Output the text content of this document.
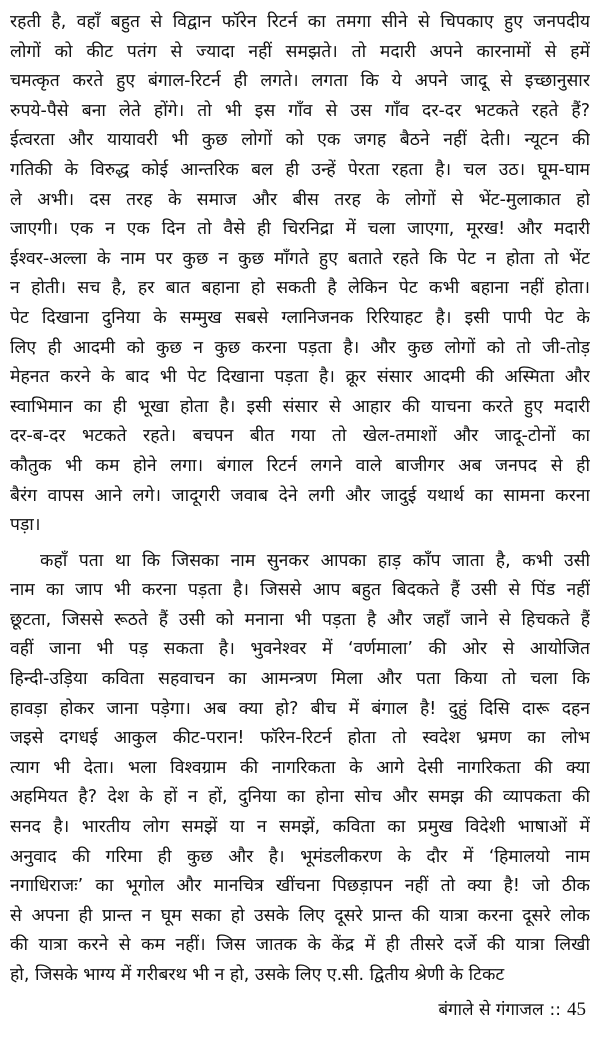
रहती है, वहाँ बहुत से विद्वान फॉरेन रिटर्न का तमगा सीने से चिपकाए हुए जनपदीय
लोगों को कीट पतंग से ज्यादा नहीं समझते। तो मदारी अपने कारनामों से हमें
चमत्कृत करते हुए बंगाल-रिटर्न ही लगते। लगता कि ये अपने जादू से इच्छानुसार
रुपये-पैसे बना लेते होंगे। तो भी इस गाँव से उस गाँव दर-दर भटकते रहते हैं?
ईत्वरता और यायावरी भी कुछ लोगों को एक जगह बैठने नहीं देती। न्यूटन की
गतिकी के विरुद्ध कोई आन्तरिक बल ही उन्हें पेरता रहता है। चल उठ। घूम-घाम
ले अभी। दस तरह के समाज और बीस तरह के लोगों से भेंट-मुलाकात हो
जाएगी। एक न एक दिन तो वैसे ही चिरनिद्रा में चला जाएगा, मूरख! और मदारी
ईश्वर-अल्ला के नाम पर कुछ न कुछ माँगते हुए बताते रहते कि पेट न होता तो भेंट
न होती। सच है, हर बात बहाना हो सकती है लेकिन पेट कभी बहाना नहीं होता।
पेट दिखाना दुनिया के सम्मुख सबसे ग्लानिजनक रिरियाहट है। इसी पापी पेट के
लिए ही आदमी को कुछ न कुछ करना पड़ता है। और कुछ लोगों को तो जी-तोड़
मेहनत करने के बाद भी पेट दिखाना पड़ता है। क्रूर संसार आदमी की अस्मिता और
स्वाभिमान का ही भूखा होता है। इसी संसार से आहार की याचना करते हुए मदारी
दर-ब-दर भटकते रहते। बचपन बीत गया तो खेल-तमाशों और जादू-टोनों का
कौतुक भी कम होने लगा। बंगाल रिटर्न लगने वाले बाजीगर अब जनपद से ही
बैरंग वापस आने लगे। जादूगरी जवाब देने लगी और जादुई यथार्थ का सामना करना
पड़ा।
कहाँ पता था कि जिसका नाम सुनकर आपका हाड़ काँप जाता है, कभी उसी
नाम का जाप भी करना पड़ता है। जिससे आप बहुत बिदकते हैं उसी से पिंड नहीं
छूटता, जिससे रूठते हैं उसी को मनाना भी पड़ता है और जहाँ जाने से हिचकते हैं
वहीं जाना भी पड़ सकता है। भुवनेश्वर में ‘वर्णमाला’ की ओर से आयोजित
हिन्दी-उड़िया कविता सहवाचन का आमन्त्रण मिला और पता किया तो चला कि
हावड़ा होकर जाना पड़ेगा। अब क्या हो? बीच में बंगाल है! दुहुं दिसि दारू दहन
जइसे दगधई आकुल कीट-परान! फॉरेन-रिटर्न होता तो स्वदेश भ्रमण का लोभ
त्याग भी देता। भला विश्वग्राम की नागरिकता के आगे देसी नागरिकता की क्या
अहमियत है? देश के हों न हों, दुनिया का होना सोच और समझ की व्यापकता की
सनद है। भारतीय लोग समझें या न समझें, कविता का प्रमुख विदेशी भाषाओं में
अनुवाद की गरिमा ही कुछ और है। भूमंडलीकरण के दौर में ‘हिमालयो नाम
नगाधिराजः’ का भूगोल और मानचित्र खींचना पिछड़ापन नहीं तो क्या है! जो ठीक
से अपना ही प्रान्त न घूम सका हो उसके लिए दूसरे प्रान्त की यात्रा करना दूसरे लोक
की यात्रा करने से कम नहीं। जिस जातक के केंद्र में ही तीसरे दर्जे की यात्रा लिखी
हो, जिसके भाग्य में गरीबरथ भी न हो, उसके लिए ए.सी. द्वितीय श्रेणी के टिकट
बंगाले से गंगाजल :: 45
